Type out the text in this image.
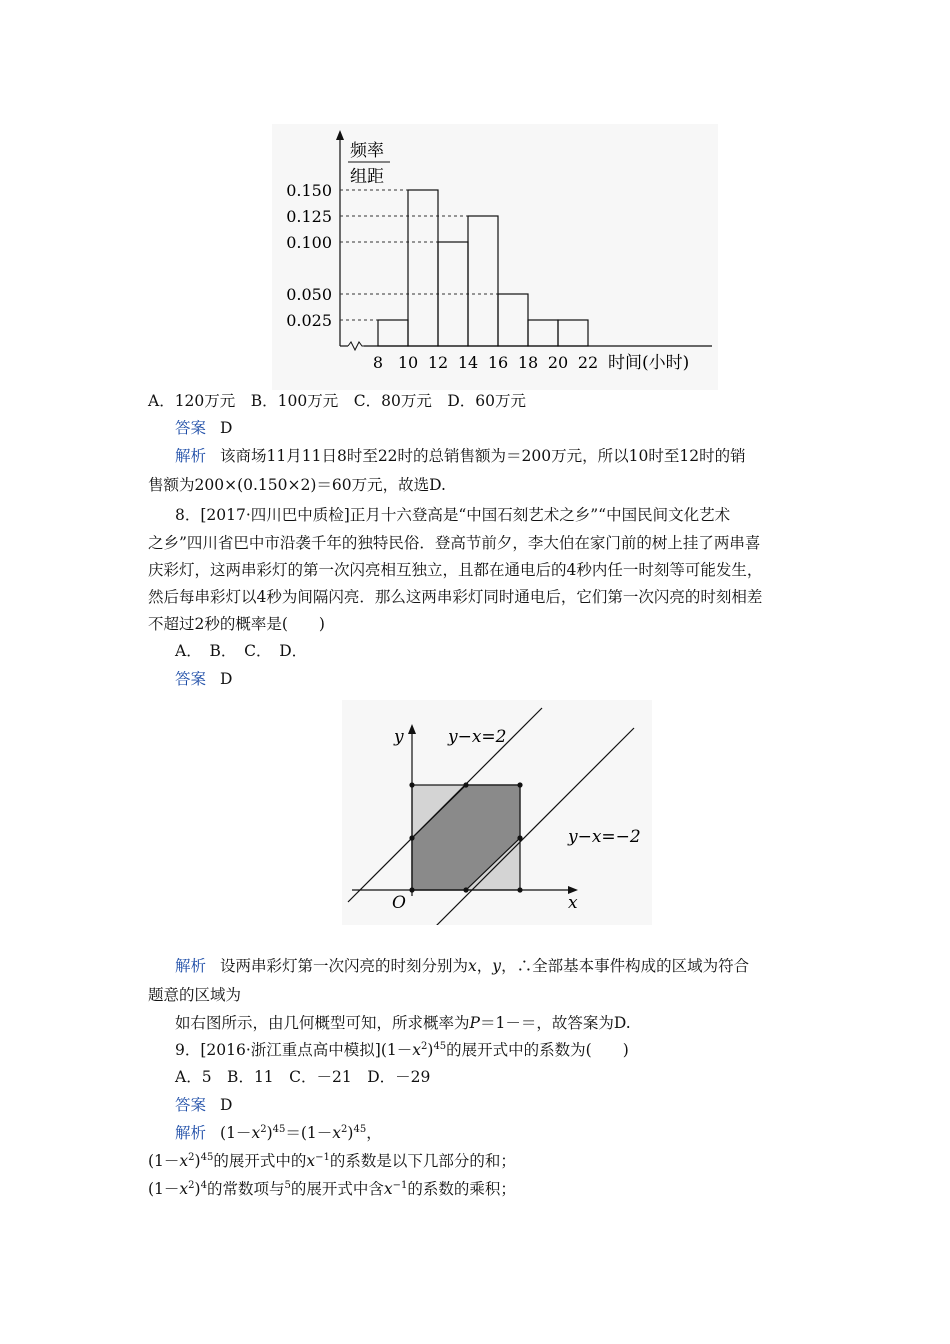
0.025
0.050
0.100
0.125
0.150
8 10 12 14 16 18 20 22
频率
组距
时间(小时)
A．120万元　B．100万元　C．80万元　D．60万元
答案 D
解析 该商场11月11日8时至22时的总销售额为＝200万元，所以10时至12时的销
售额为200×(0.150×2)＝60万元，故选D.
8．[2017·四川巴中质检]正月十六登高是“中国石刻艺术之乡”“中国民间文化艺术
之乡”四川省巴中市沿袭千年的独特民俗．登高节前夕，李大伯在家门前的树上挂了两串喜
庆彩灯，这两串彩灯的第一次闪亮相互独立，且都在通电后的4秒内任一时刻等可能发生，
然后每串彩灯以4秒为间隔闪亮．那么这两串彩灯同时通电后，它们第一次闪亮的时刻相差
不超过2秒的概率是(　　)
A．　B．　C．　D．
答案 D
y
x
O
y−x=2
y−x=−2
解析 设两串彩灯第一次闪亮的时刻分别为x，y，∴全部基本事件构成的区域为符合
题意的区域为
如右图所示，由几何概型可知，所求概率为P＝1－＝，故答案为D.
9．[2016·浙江重点高中模拟]$(1-x^2)^{45}$的展开式中的系数为(　　)
A．5　B．11　C．－21　D．－29
答案 D
解析 $(1-x^2)^{45}=(1-x^2)^{45}$，
$(1-x^2)^{45}$的展开式中的$x^{-1}$的系数是以下几部分的和；
$(1-x^2)^4$的常数项与$^5$的展开式中含$x^{-1}$的系数的乘积；
